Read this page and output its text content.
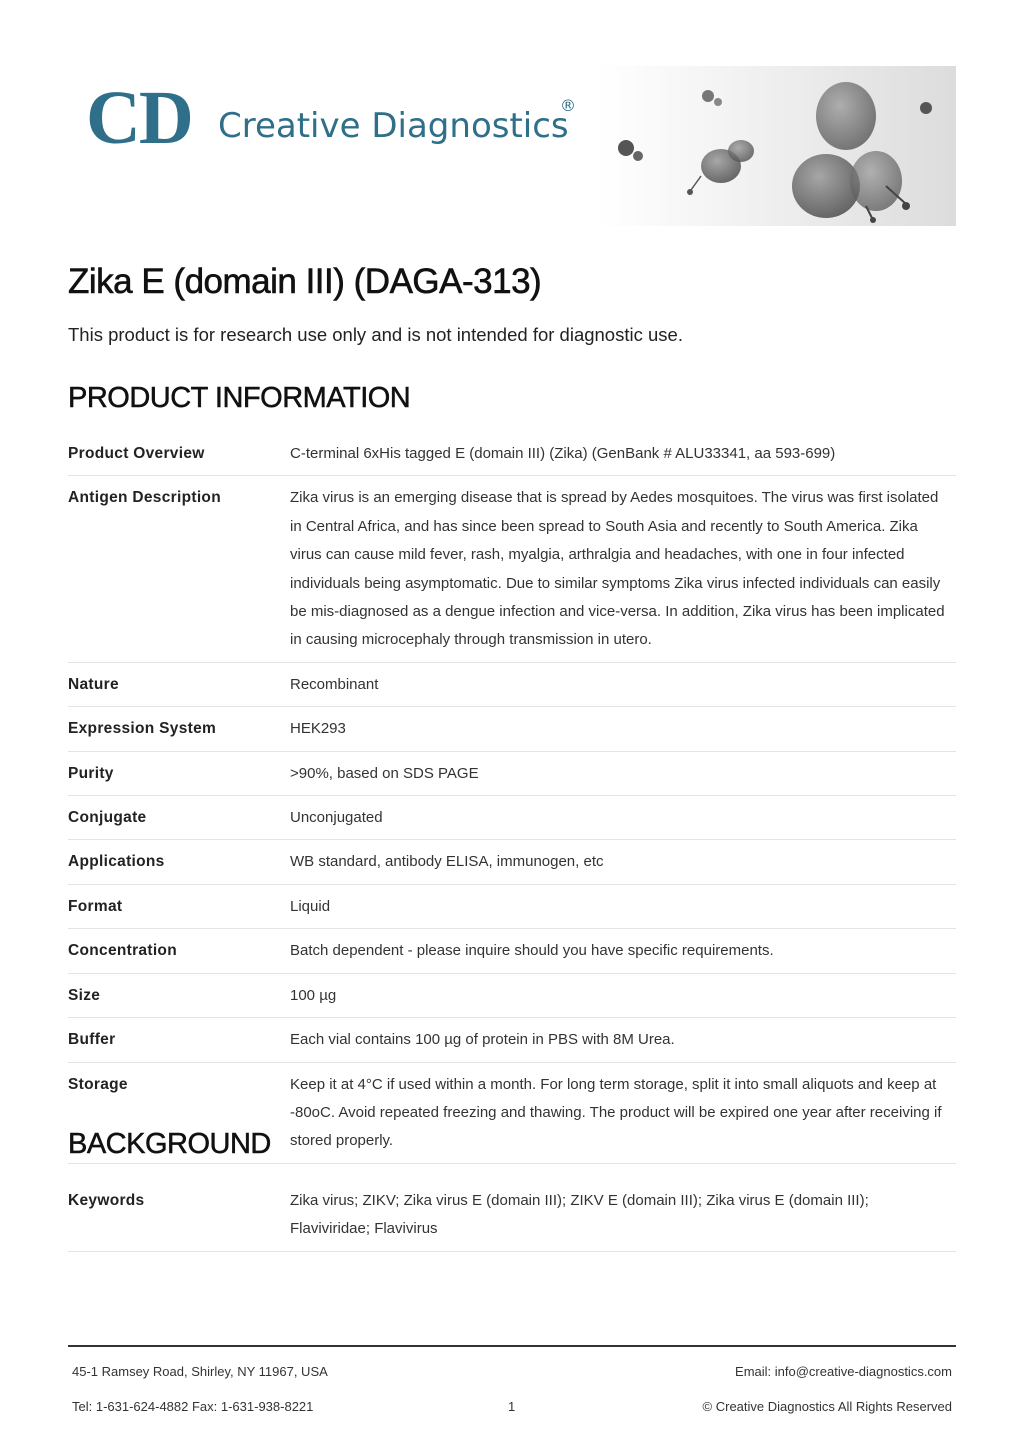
CD Creative Diagnostics
®
Zika E (domain III) (DAGA-313)

This product is for research use only and is not intended for diagnostic use.

PRODUCT INFORMATION
Product Overview	C-terminal 6xHis tagged E (domain III) (Zika) (GenBank # ALU33341, aa 593-699)
Antigen Description	Zika virus is an emerging disease that is spread by Aedes mosquitoes. The virus was first isolated in Central Africa, and has since been spread to South Asia and recently to South America. Zika virus can cause mild fever, rash, myalgia, arthralgia and headaches, with one in four infected individuals being asymptomatic. Due to similar symptoms Zika virus infected individuals can easily be mis-diagnosed as a dengue infection and vice-versa. In addition, Zika virus has been implicated in causing microcephaly through transmission in utero.
Nature	Recombinant
Expression System	HEK293
Purity	>90%, based on SDS PAGE
Conjugate	Unconjugated
Applications	WB standard, antibody ELISA, immunogen, etc
Format	Liquid
Concentration	Batch dependent - please inquire should you have specific requirements.
Size	100 µg
Buffer	Each vial contains 100 µg of protein in PBS with 8M Urea.
Storage	Keep it at 4°C if used within a month. For long term storage, split it into small aliquots and keep at -80oC. Avoid repeated freezing and thawing. The product will be expired one year after receiving if stored properly.
BACKGROUND
Keywords	Zika virus; ZIKV; Zika virus E (domain III); ZIKV E (domain III); Zika virus E (domain III); Flaviviridae; Flavivirus
45-1 Ramsey Road, Shirley, NY 11967, USA	Email: info@creative-diagnostics.com
Tel: 1-631-624-4882 Fax: 1-631-938-8221	1	© Creative Diagnostics All Rights Reserved
